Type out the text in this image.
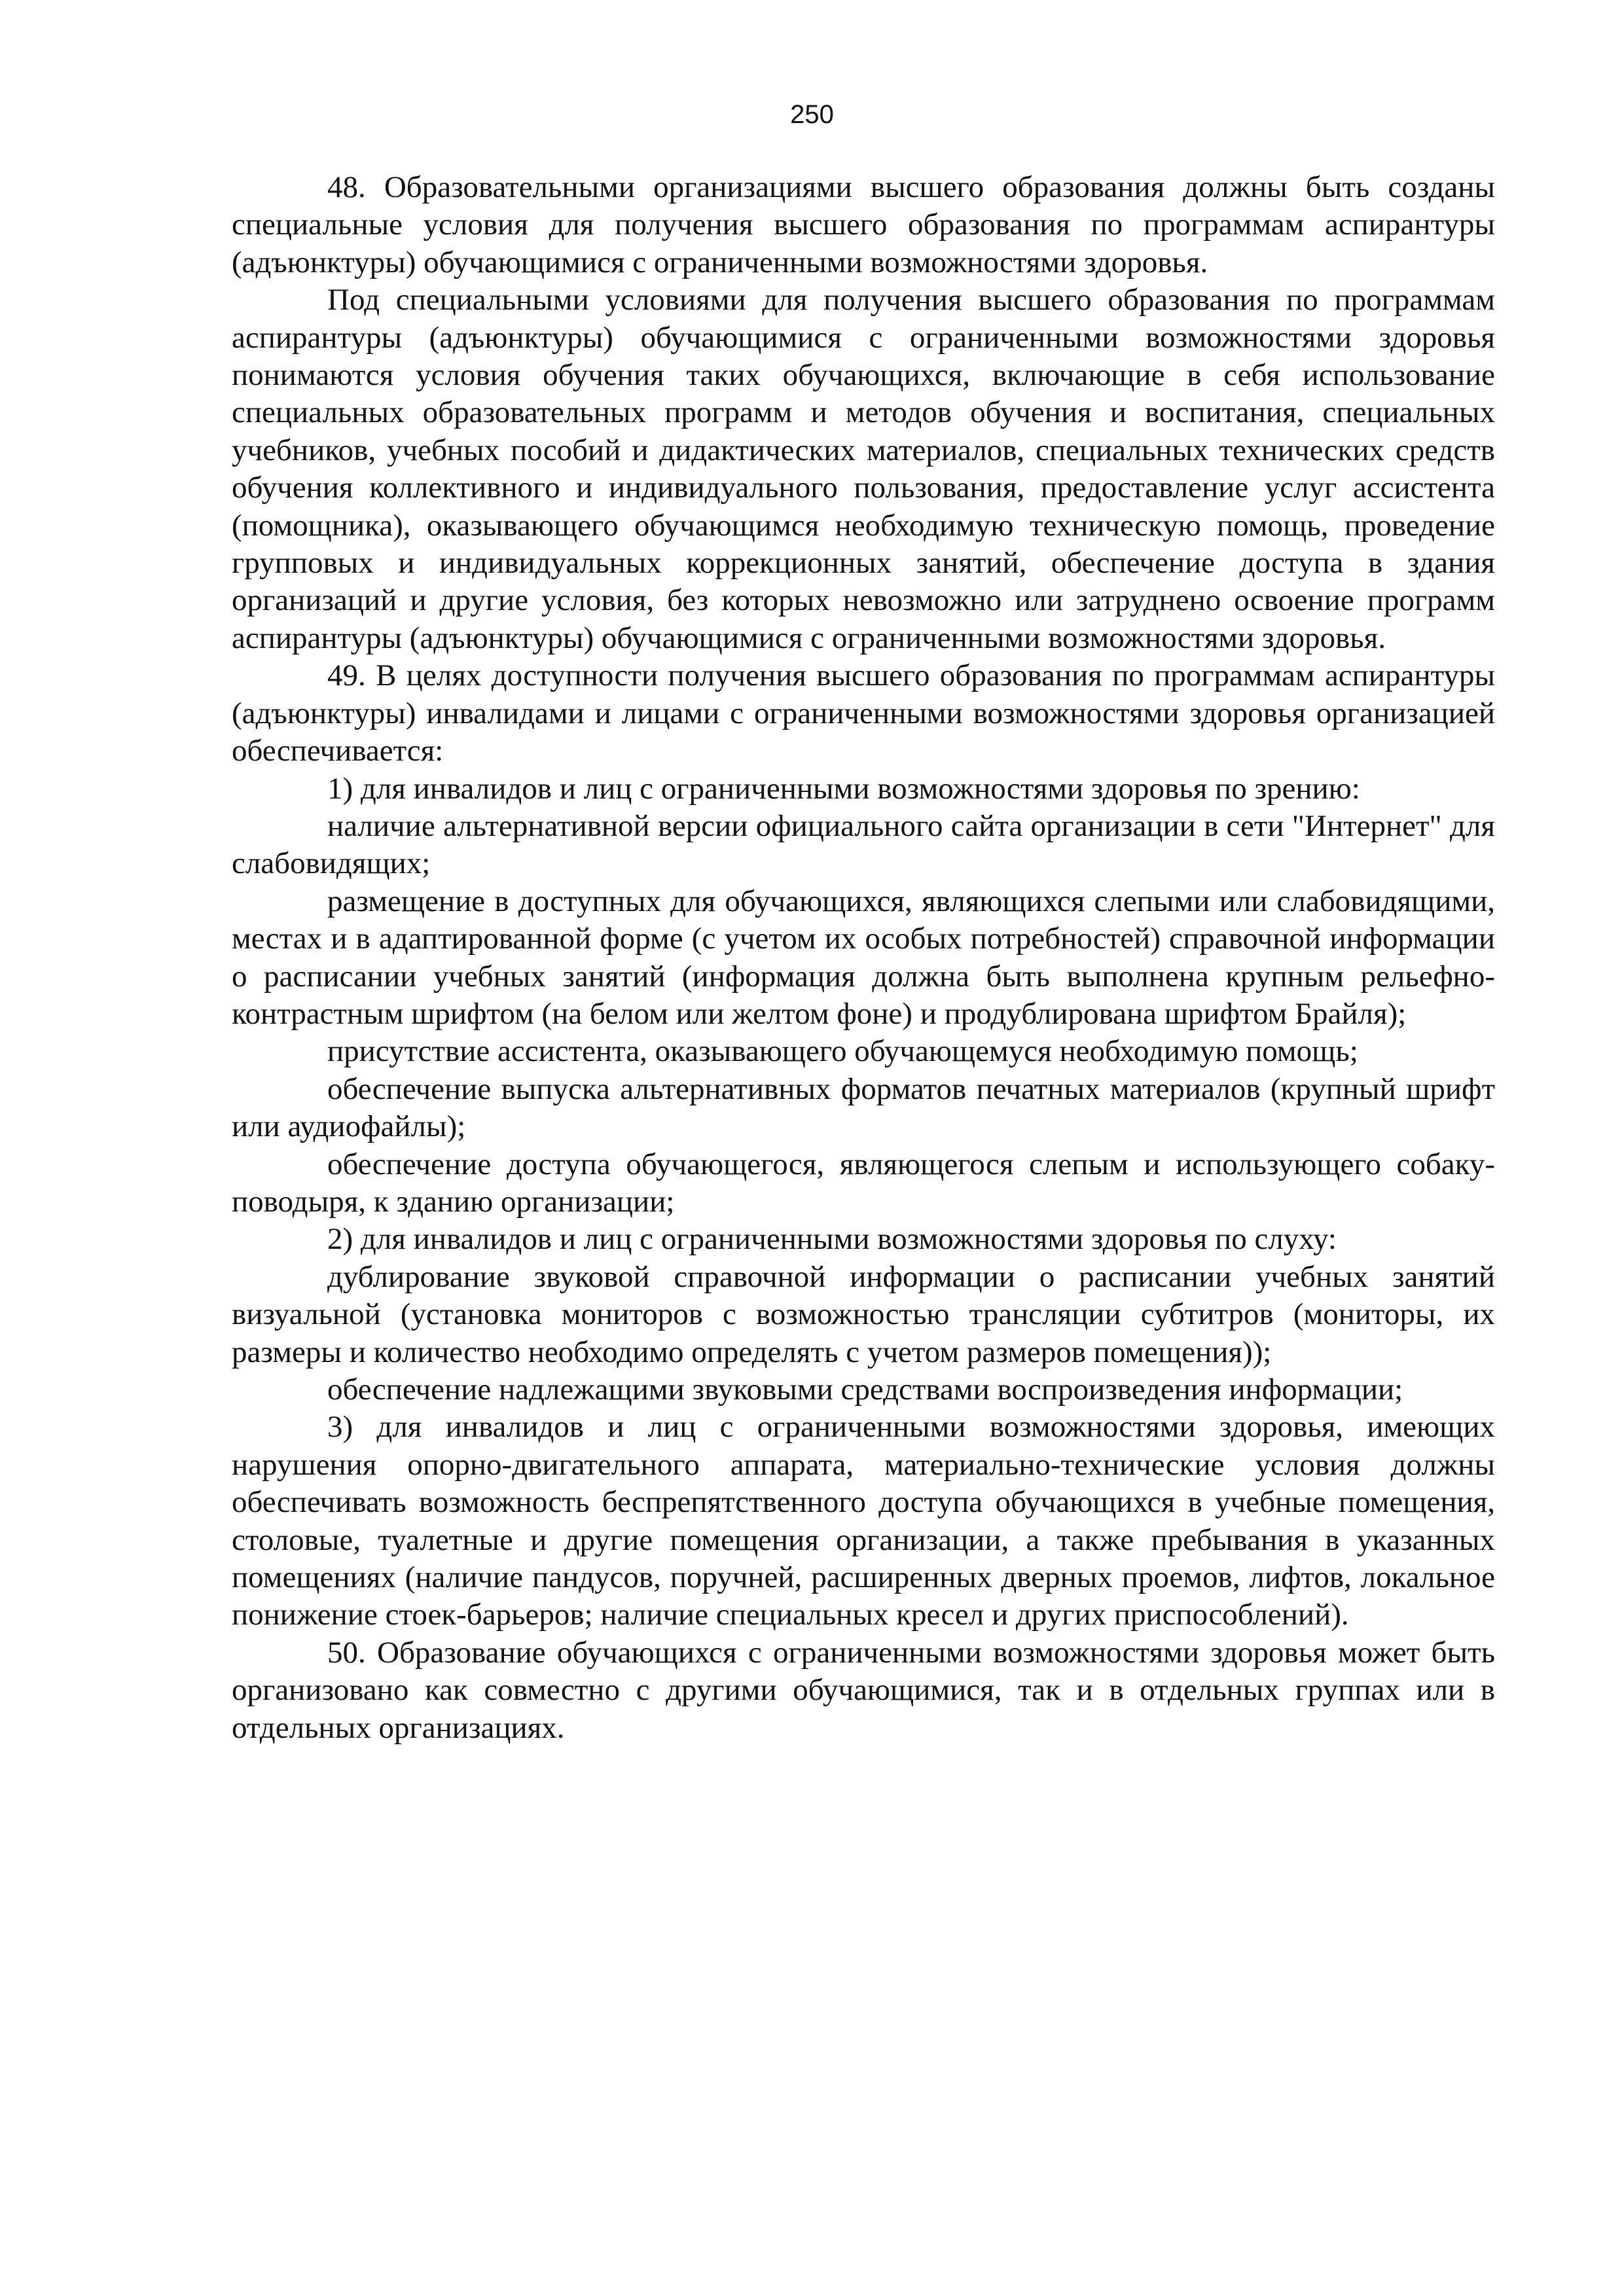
250

48. Образовательными организациями высшего образования должны быть созданы специальные условия для получения высшего образования по программам аспирантуры (адъюнктуры) обучающимися с ограниченными возможностями здоровья.

Под специальными условиями для получения высшего образования по программам аспирантуры (адъюнктуры) обучающимися с ограниченными возможностями здоровья понимаются условия обучения таких обучающихся, включающие в себя использование специальных образовательных программ и методов обучения и воспитания, специальных учебников, учебных пособий и дидактических материалов, специальных технических средств обучения коллективного и индивидуального пользования, предоставление услуг ассистента (помощника), оказывающего обучающимся необходимую техническую помощь, проведение групповых и индивидуальных коррекционных занятий, обеспечение доступа в здания организаций и другие условия, без которых невозможно или затруднено освоение программ аспирантуры (адъюнктуры) обучающимися с ограниченными возможностями здоровья.

49. В целях доступности получения высшего образования по программам аспирантуры (адъюнктуры) инвалидами и лицами с ограниченными возможностями здоровья организацией обеспечивается:

1) для инвалидов и лиц с ограниченными возможностями здоровья по зрению:

наличие альтернативной версии официального сайта организации в сети "Интернет" для слабовидящих;

размещение в доступных для обучающихся, являющихся слепыми или слабовидящими, местах и в адаптированной форме (с учетом их особых потребностей) справочной информации о расписании учебных занятий (информация должна быть выполнена крупным рельефно-контрастным шрифтом (на белом или желтом фоне) и продублирована шрифтом Брайля);

присутствие ассистента, оказывающего обучающемуся необходимую помощь;

обеспечение выпуска альтернативных форматов печатных материалов (крупный шрифт или аудиофайлы);

обеспечение доступа обучающегося, являющегося слепым и использующего собаку-поводыря, к зданию организации;

2) для инвалидов и лиц с ограниченными возможностями здоровья по слуху:

дублирование звуковой справочной информации о расписании учебных занятий визуальной (установка мониторов с возможностью трансляции субтитров (мониторы, их размеры и количество необходимо определять с учетом размеров помещения));

обеспечение надлежащими звуковыми средствами воспроизведения информации;

3) для инвалидов и лиц с ограниченными возможностями здоровья, имеющих нарушения опорно-двигательного аппарата, материально-технические условия должны обеспечивать возможность беспрепятственного доступа обучающихся в учебные помещения, столовые, туалетные и другие помещения организации, а также пребывания в указанных помещениях (наличие пандусов, поручней, расширенных дверных проемов, лифтов, локальное понижение стоек-барьеров; наличие специальных кресел и других приспособлений).

50. Образование обучающихся с ограниченными возможностями здоровья может быть организовано как совместно с другими обучающимися, так и в отдельных группах или в отдельных организациях.
